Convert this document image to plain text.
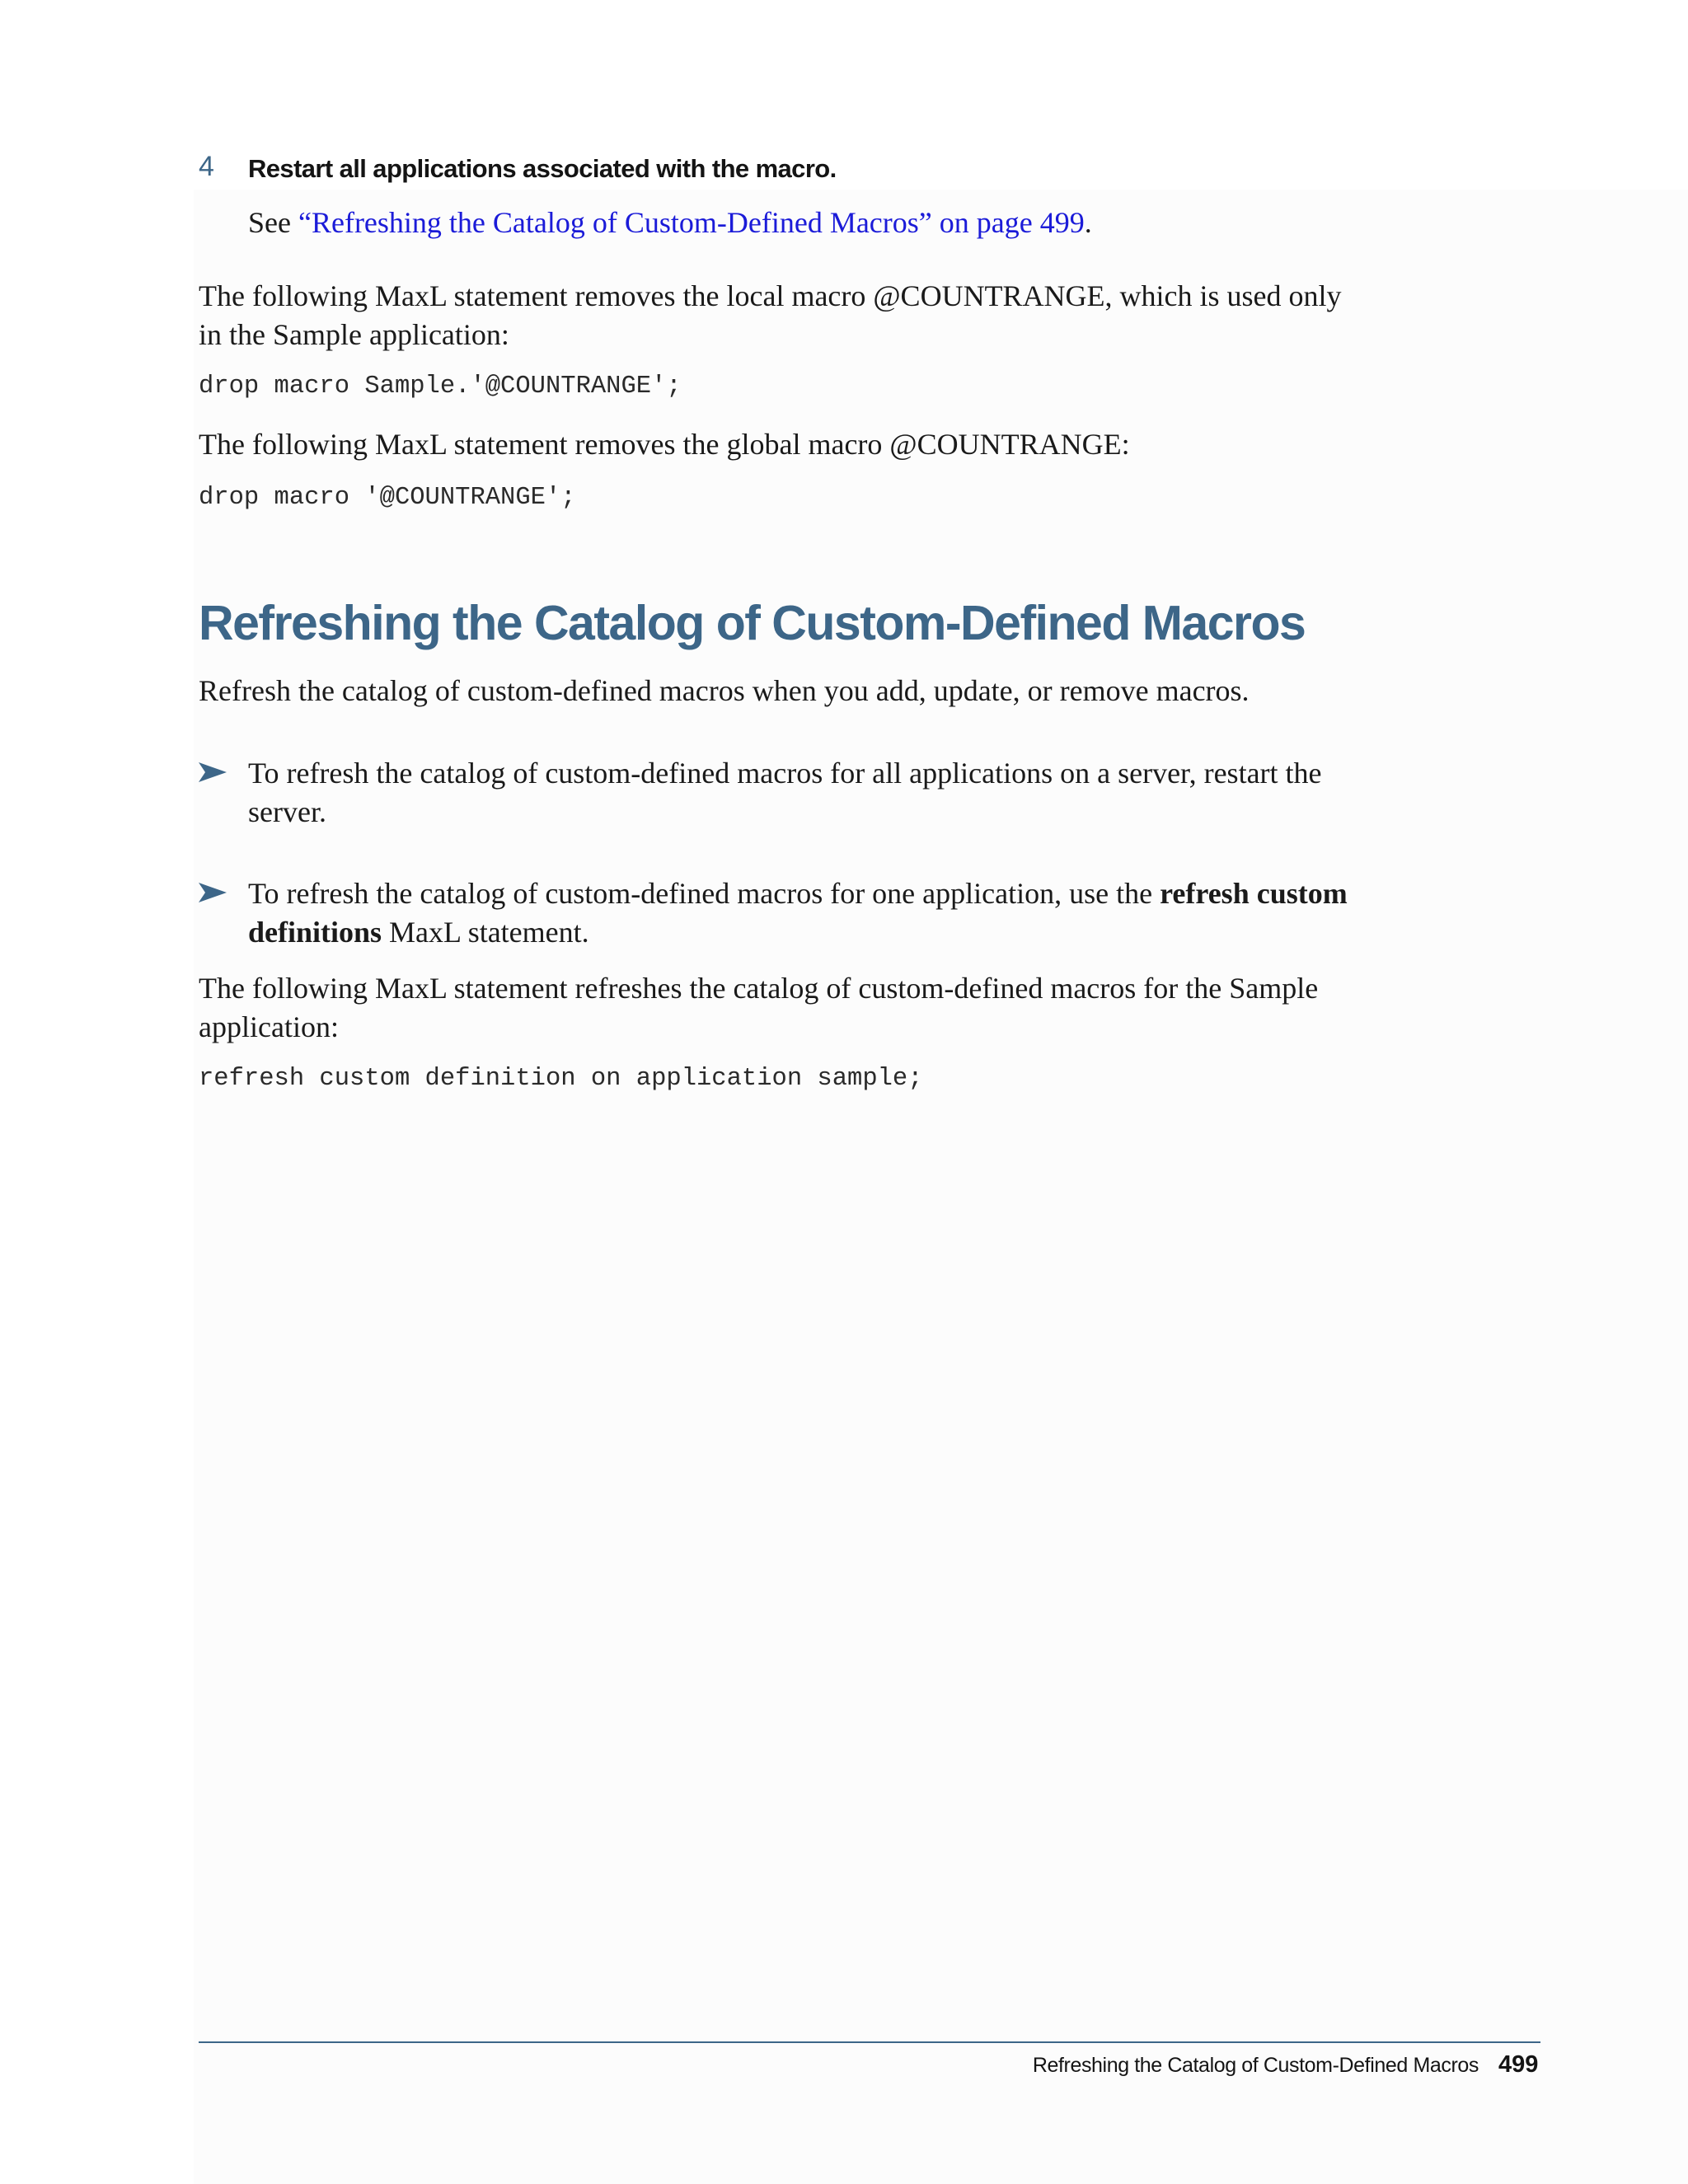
4 Restart all applications associated with the macro.
See “Refreshing the Catalog of Custom-Defined Macros” on page 499.
The following MaxL statement removes the local macro @COUNTRANGE, which is used only in the Sample application:
drop macro Sample.'@COUNTRANGE';
The following MaxL statement removes the global macro @COUNTRANGE:
drop macro '@COUNTRANGE';
Refreshing the Catalog of Custom-Defined Macros
Refresh the catalog of custom-defined macros when you add, update, or remove macros.
To refresh the catalog of custom-defined macros for all applications on a server, restart the server.
To refresh the catalog of custom-defined macros for one application, use the refresh custom definitions MaxL statement.
The following MaxL statement refreshes the catalog of custom-defined macros for the Sample application:
refresh custom definition on application sample;
Refreshing the Catalog of Custom-Defined Macros 499
